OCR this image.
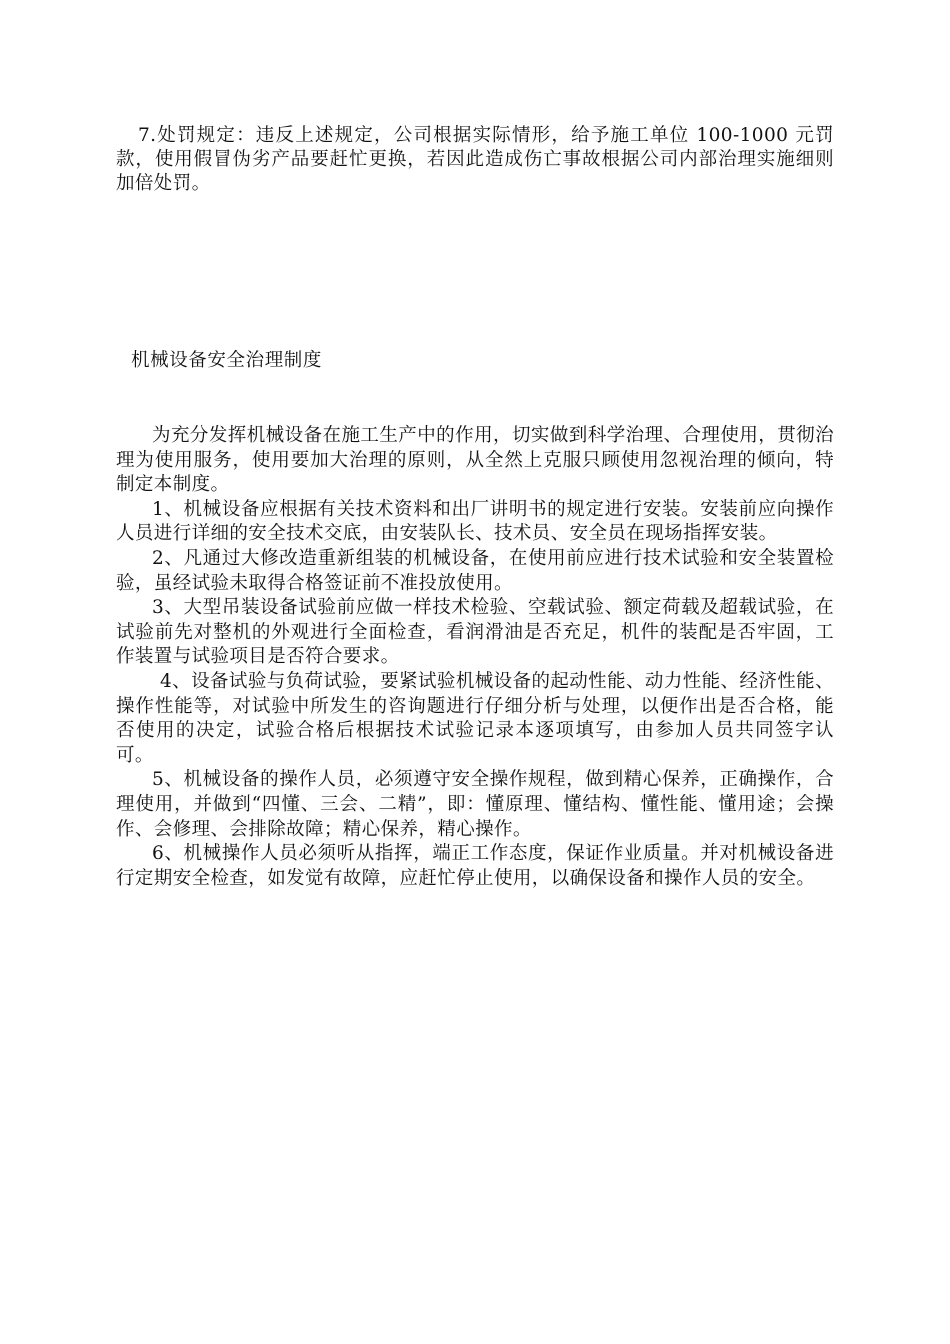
7.处罚规定：违反上述规定，公司根据实际情形，给予施工单位 100-1000 元罚款，使用假冒伪劣产品要赶忙更换，若因此造成伤亡事故根据公司内部治理实施细则加倍处罚。

机械设备安全治理制度

为充分发挥机械设备在施工生产中的作用，切实做到科学治理、合理使用，贯彻治理为使用服务，使用要加大治理的原则，从全然上克服只顾使用忽视治理的倾向，特制定本制度。

1、机械设备应根据有关技术资料和出厂讲明书的规定进行安装。安装前应向操作人员进行详细的安全技术交底，由安装队长、技术员、安全员在现场指挥安装。

2、凡通过大修改造重新组装的机械设备，在使用前应进行技术试验和安全装置检验，虽经试验未取得合格签证前不准投放使用。

3、大型吊装设备试验前应做一样技术检验、空载试验、额定荷载及超载试验，在试验前先对整机的外观进行全面检查，看润滑油是否充足，机件的装配是否牢固，工作装置与试验项目是否符合要求。

4、设备试验与负荷试验，要紧试验机械设备的起动性能、动力性能、经济性能、操作性能等，对试验中所发生的咨询题进行仔细分析与处理，以便作出是否合格，能否使用的决定，试验合格后根据技术试验记录本逐项填写，由参加人员共同签字认可。

5、机械设备的操作人员，必须遵守安全操作规程，做到精心保养，正确操作，合理使用，并做到“四懂、三会、二精”，即：懂原理、懂结构、懂性能、懂用途；会操作、会修理、会排除故障；精心保养，精心操作。

6、机械操作人员必须听从指挥，端正工作态度，保证作业质量。并对机械设备进行定期安全检查，如发觉有故障，应赶忙停止使用，以确保设备和操作人员的安全。
